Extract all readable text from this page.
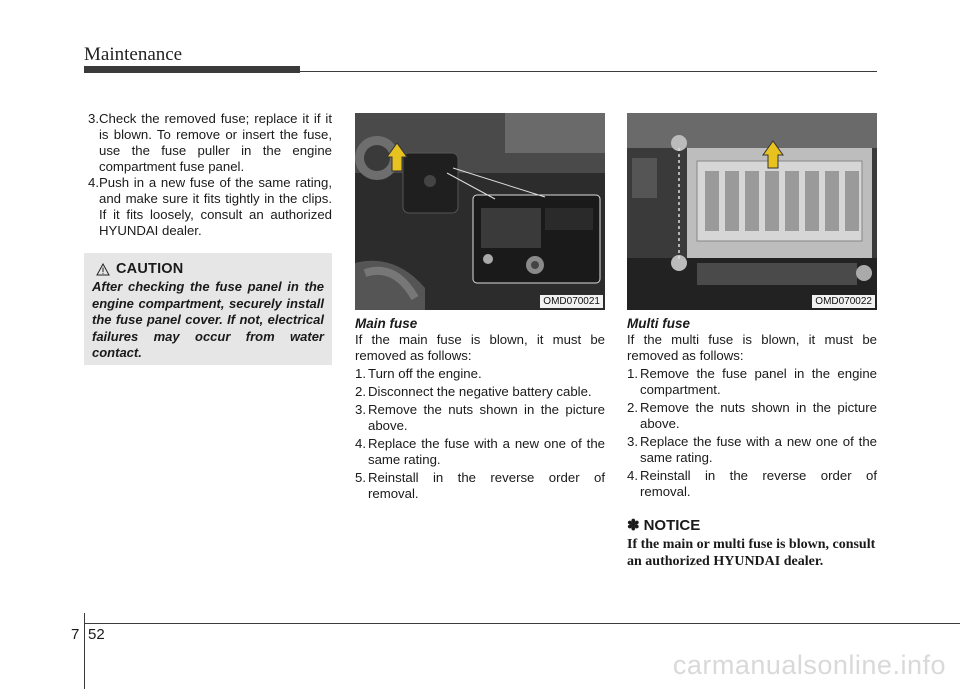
Maintenance
3. Check the removed fuse; replace it if it is blown. To remove or insert the fuse, use the fuse puller in the engine compartment fuse panel.
4. Push in a new fuse of the same rating, and make sure it fits tightly in the clips. If it fits loosely, consult an authorized HYUNDAI dealer.
CAUTION
After checking the fuse panel in the engine compartment, securely install the fuse panel cover. If not, electrical failures may occur from water contact.
OMD070021	OMD070022
Main fuse
If the main fuse is blown, it must be removed as follows:
1. Turn off the engine.
2. Disconnect the negative battery cable.
3. Remove the nuts shown in the picture above.
4. Replace the fuse with a new one of the same rating.
5. Reinstall in the reverse order of removal.
Multi fuse
If the multi fuse is blown, it must be removed as follows:
1. Remove the fuse panel in the engine compartment.
2. Remove the nuts shown in the picture above.
3. Replace the fuse with a new one of the same rating.
4. Reinstall in the reverse order of removal.
✽ NOTICE
If the main or multi fuse is blown, consult an authorized HYUNDAI dealer.
7 52
carmanualsonline.info
